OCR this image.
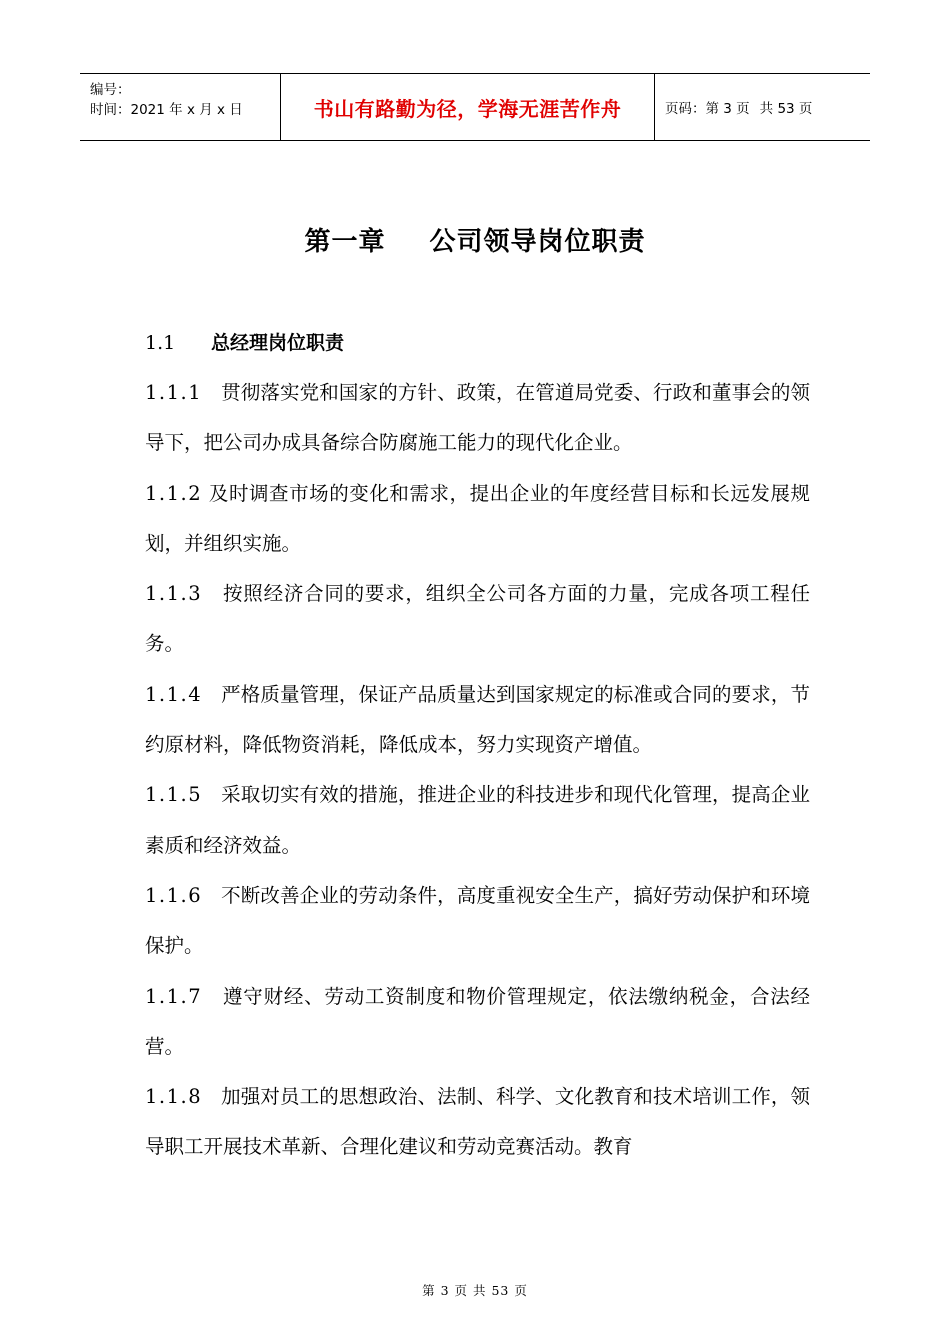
编号：
时间：2021 年 x 月 x 日	书山有路勤为径，学海无涯苦作舟	页码：第 3 页 共 53 页
第一章 公司领导岗位职责
1.1 总经理岗位职责

1.1.1 贯彻落实党和国家的方针、政策，在管道局党委、行政和董事会的领导下，把公司办成具备综合防腐施工能力的现代化企业。

1.1.2 及时调查市场的变化和需求，提出企业的年度经营目标和长远发展规划，并组织实施。

1.1.3 按照经济合同的要求，组织全公司各方面的力量，完成各项工程任务。

1.1.4 严格质量管理，保证产品质量达到国家规定的标准或合同的要求，节约原材料，降低物资消耗，降低成本，努力实现资产增值。

1.1.5 采取切实有效的措施，推进企业的科技进步和现代化管理，提高企业素质和经济效益。

1.1.6 不断改善企业的劳动条件，高度重视安全生产，搞好劳动保护和环境保护。

1.1.7 遵守财经、劳动工资制度和物价管理规定，依法缴纳税金，合法经营。

1.1.8 加强对员工的思想政治、法制、科学、文化教育和技术培训工作，领导职工开展技术革新、合理化建议和劳动竞赛活动。教育

第 3 页 共 53 页
